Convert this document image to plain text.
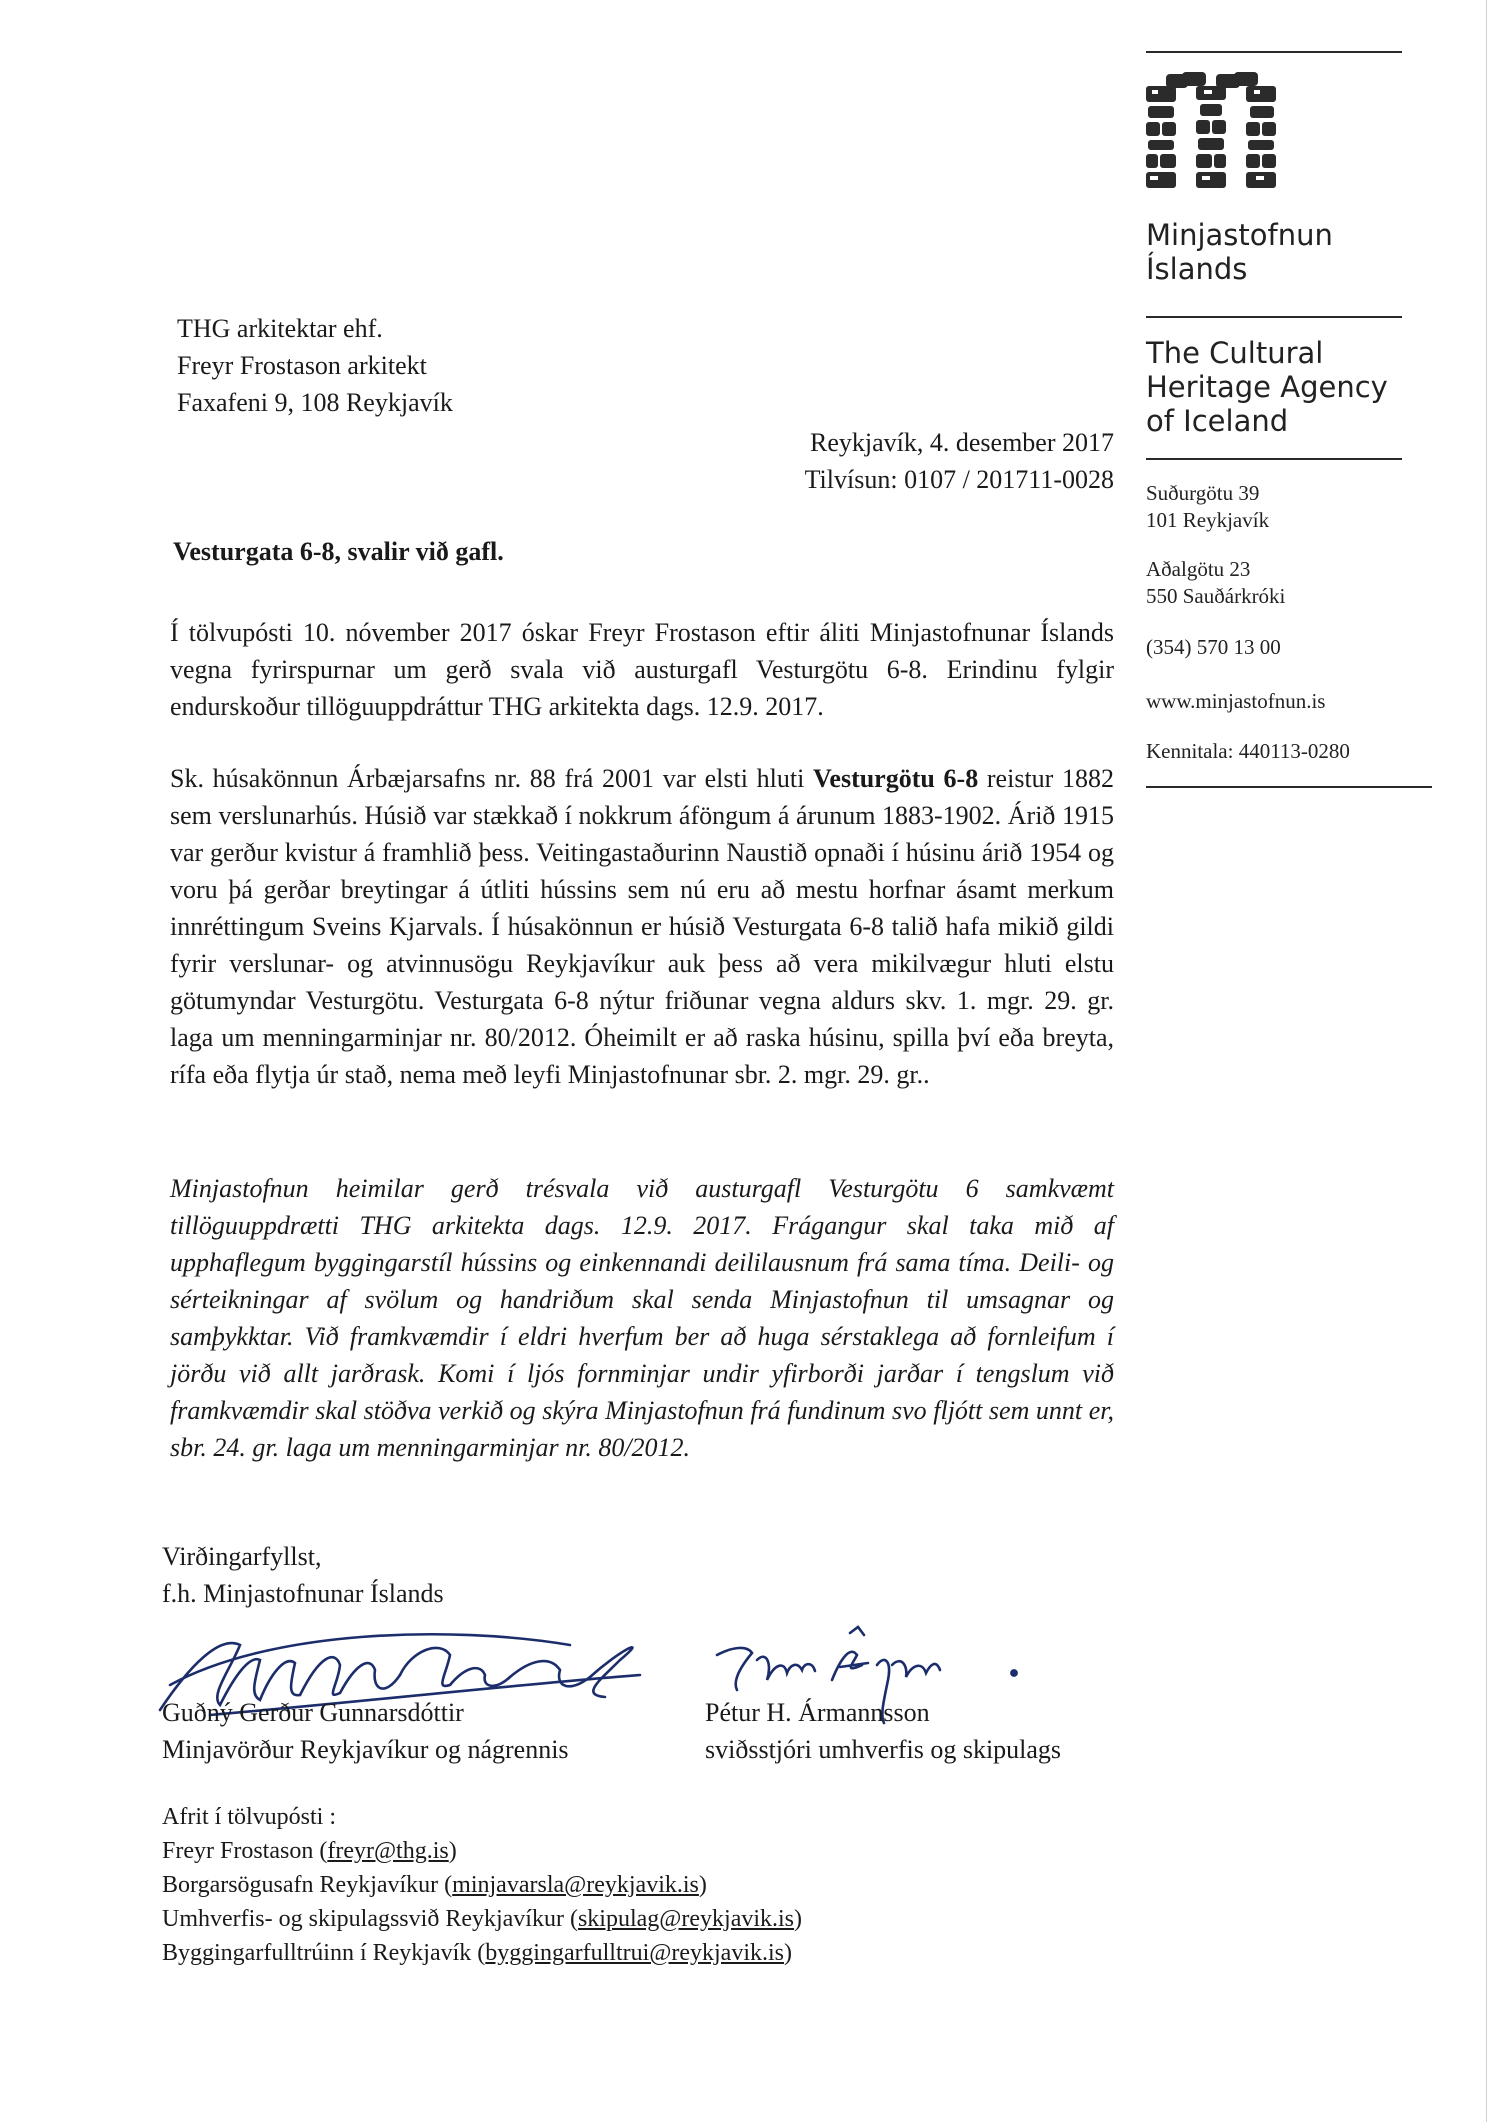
Minjastofnun
Íslands
The Cultural
Heritage Agency
of Iceland
Suðurgötu 39
101 Reykjavík
Aðalgötu 23
550 Sauðárkróki
(354) 570 13 00
www.minjastofnun.is
Kennitala: 440113-0280
THG arkitektar ehf.
Freyr Frostason arkitekt
Faxafeni 9, 108 Reykjavík
Reykjavík, 4. desember 2017
Tilvísun: 0107 / 201711-0028
Vesturgata 6-8, svalir við gafl.
Í tölvupósti 10. nóvember 2017 óskar Freyr Frostason eftir áliti Minjastofnunar Íslands vegna fyrirspurnar um gerð svala við austurgafl Vesturgötu 6-8. Erindinu fylgir endurskoður tillöguuppdráttur THG arkitekta dags. 12.9. 2017.
Sk. húsakönnun Árbæjarsafns nr. 88 frá 2001 var elsti hluti Vesturgötu 6-8 reistur 1882 sem verslunarhús. Húsið var stækkað í nokkrum áföngum á árunum 1883-1902. Árið 1915 var gerður kvistur á framhlið þess. Veitingastaðurinn Naustið opnaði í húsinu árið 1954 og voru þá gerðar breytingar á útliti hússins sem nú eru að mestu horfnar ásamt merkum innréttingum Sveins Kjarvals. Í húsakönnun er húsið Vesturgata 6-8 talið hafa mikið gildi fyrir verslunar- og atvinnusögu Reykjavíkur auk þess að vera mikilvægur hluti elstu götumyndar Vesturgötu. Vesturgata 6-8 nýtur friðunar vegna aldurs skv. 1. mgr. 29. gr. laga um menningarminjar nr. 80/2012. Óheimilt er að raska húsinu, spilla því eða breyta, rífa eða flytja úr stað, nema með leyfi Minjastofnunar sbr. 2. mgr. 29. gr..
Minjastofnun heimilar gerð trésvala við austurgafl Vesturgötu 6 samkvæmt tillöguuppdrætti THG arkitekta dags. 12.9. 2017. Frágangur skal taka mið af upphaflegum byggingarstíl hússins og einkennandi deililausnum frá sama tíma. Deili- og sérteikningar af svölum og handriðum skal senda Minjastofnun til umsagnar og samþykktar. Við framkvæmdir í eldri hverfum ber að huga sérstaklega að fornleifum í jörðu við allt jarðrask. Komi í ljós fornminjar undir yfirborði jarðar í tengslum við framkvæmdir skal stöðva verkið og skýra Minjastofnun frá fundinum svo fljótt sem unnt er, sbr. 24. gr. laga um menningarminjar nr. 80/2012.
Virðingarfyllst,
f.h. Minjastofnunar Íslands
Guðný Gerður Gunnarsdóttir
Minjavörður Reykjavíkur og nágrennis
Pétur H. Ármannsson
sviðsstjóri umhverfis og skipulags
Afrit í tölvupósti :
Freyr Frostason (freyr@thg.is)
Borgarsögusafn Reykjavíkur (minjavarsla@reykjavik.is)
Umhverfis- og skipulagssvið Reykjavíkur (skipulag@reykjavik.is)
Byggingarfulltrúinn í Reykjavík (byggingarfulltrui@reykjavik.is)
